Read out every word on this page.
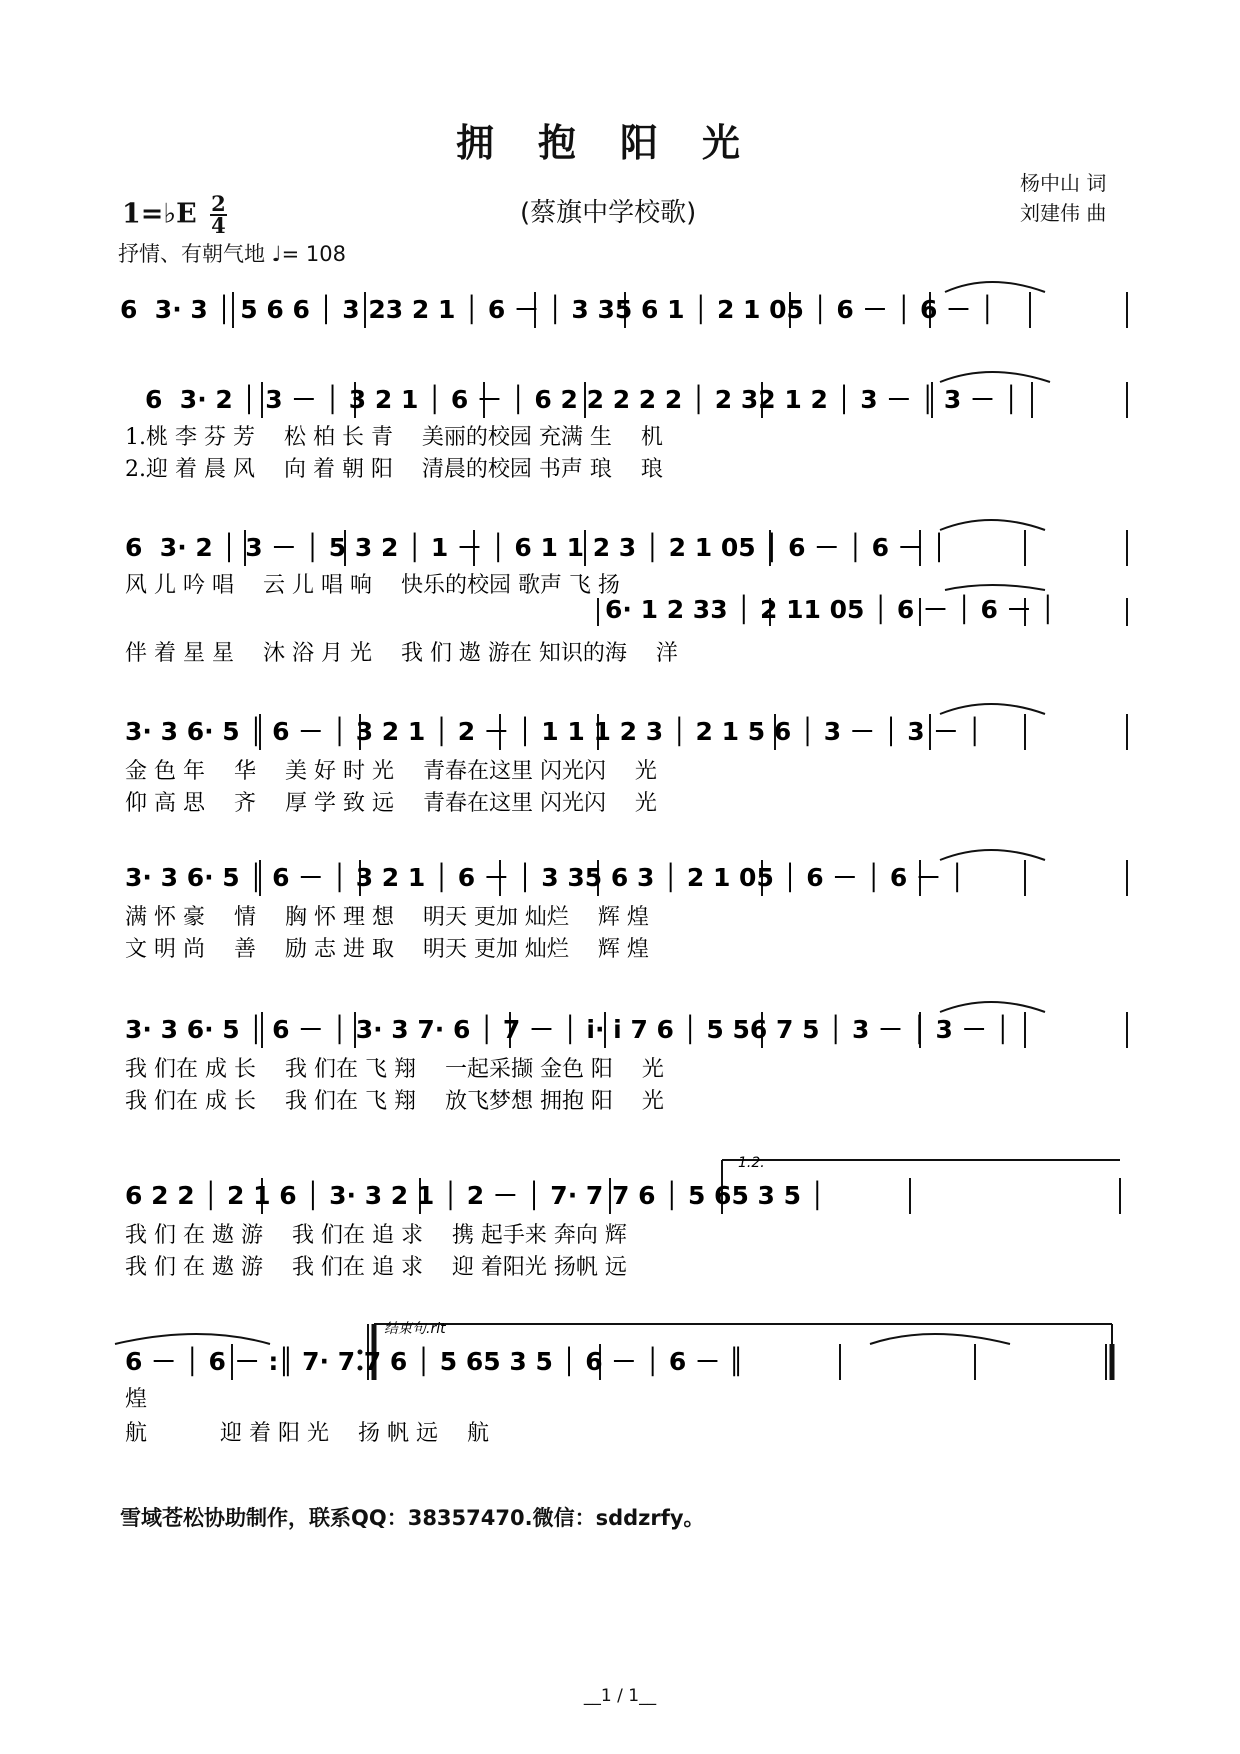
拥抱阳光
(蔡旗中学校歌)
杨中山 词
刘建伟 曲
1=♭E $\frac{2}{4}$
抒情、有朝气地 ♩= 108
1.2.
结束句.rit
6  3· 3 │ 5 6 6 │ 3 23 2 1 │ 6 － │ 3 35 6 1 │ 2 1 05 │ 6 － │ 6 － │
6  3· 2 │ 3 － │ 3 2 1 │ 6 － │ 6 2 2 2 2 2 │ 2 32 1 2 │ 3 － │ 3 － │
6  3· 2 │ 3 － │ 5 3 2 │ 1 － │ 6 1 1 2 3 │ 2 1 05 │ 6 － │ 6 － │
6· 1 2 33 │ 2 11 05 │ 6 － │ 6 － │
3· 3 6· 5 │ 6 － │ 3 2 1 │ 2 － │ 1 1 1 2 3 │ 2 1 5 6 │ 3 － │ 3 － │
3· 3 6· 5 │ 6 － │ 3 2 1 │ 6 － │ 3 35 6 3 │ 2 1 05 │ 6 － │ 6 － │
3· 3 6· 5 │ 6 － │ 3· 3 7· 6 │ 7 － │ i· i 7 6 │ 5 56 7 5 │ 3 － │ 3 － │
6 2 2 │ 2 1 6 │ 3· 3 2 1 │ 2 － │ 7· 7 7 6 │ 5 65 3 5 │
6 － │ 6 － :║ 7· 7 7 6 │ 5 65 3 5 │ 6 － │ 6 － ║
1.桃 李 芬 芳 　松 柏 长 青 　美丽的校园 充满 生 　机
2.迎 着 晨 风 　向 着 朝 阳 　清晨的校园 书声 琅 　琅
风 儿 吟 唱 　云 儿 唱 响 　快乐的校园 歌声 飞 扬
伴 着 星 星 　沐 浴 月 光 　我 们 遨 游在 知识的海 　洋
金 色 年 　华 　美 好 时 光 　青春在这里 闪光闪 　光
仰 高 思 　齐 　厚 学 致 远 　青春在这里 闪光闪 　光
满 怀 豪 　情 　胸 怀 理 想 　明天 更加 灿烂 　辉 煌
文 明 尚 　善 　励 志 进 取 　明天 更加 灿烂 　辉 煌
我 们在 成 长 　我 们在 飞 翔 　一起采撷 金色 阳 　光
我 们在 成 长 　我 们在 飞 翔 　放飞梦想 拥抱 阳 　光
我 们 在 遨 游 　我 们在 追 求 　携 起手来 奔向 辉
我 们 在 遨 游 　我 们在 追 求 　迎 着阳光 扬帆 远
煌
航 　　　迎 着 阳 光 　扬 帆 远 　航
雪域苍松协助制作，联系QQ：38357470.微信：sddzrfy。
__1 / 1__
